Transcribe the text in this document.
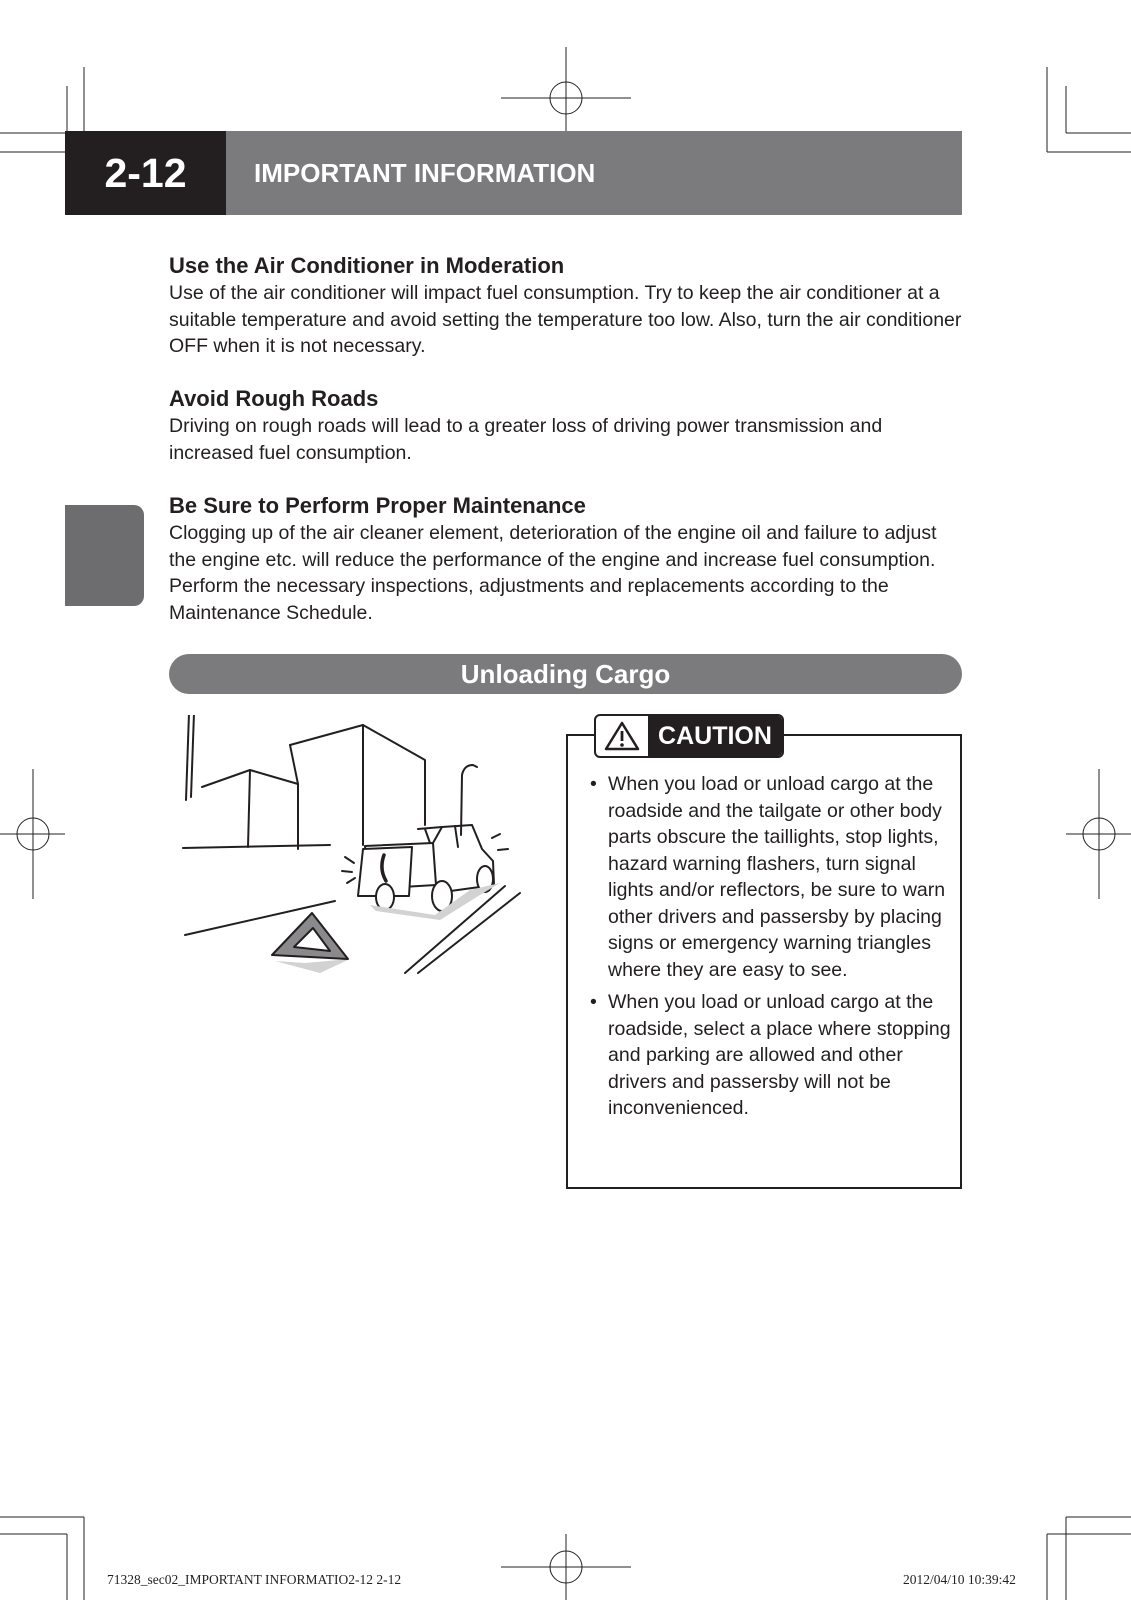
2-12	IMPORTANT INFORMATION
Use the Air Conditioner in Moderation

Use of the air conditioner will impact fuel consumption. Try to keep the air conditioner at a suitable temperature and avoid setting the temperature too low. Also, turn the air conditioner OFF when it is not necessary.

Avoid Rough Roads

Driving on rough roads will lead to a greater loss of driving power transmission and increased fuel consumption.

Be Sure to Perform Proper Maintenance

Clogging up of the air cleaner element, deterioration of the engine oil and failure to adjust the engine etc. will reduce the performance of the engine and increase fuel consumption. Perform the necessary inspections, adjustments and replacements according to the Maintenance Schedule.

Unloading Cargo
CAUTION
• When you load or unload cargo at the roadside and the tailgate or other body parts obscure the taillights, stop lights, hazard warning flashers, turn signal lights and/or reflectors, be sure to warn other drivers and passersby by placing signs or emergency warning triangles where they are easy to see.
• When you load or unload cargo at the roadside, select a place where stopping and parking are allowed and other drivers and passersby will not be inconvenienced.
71328_sec02_IMPORTANT INFORMATIO2-12 2-12	2012/04/10 10:39:42
